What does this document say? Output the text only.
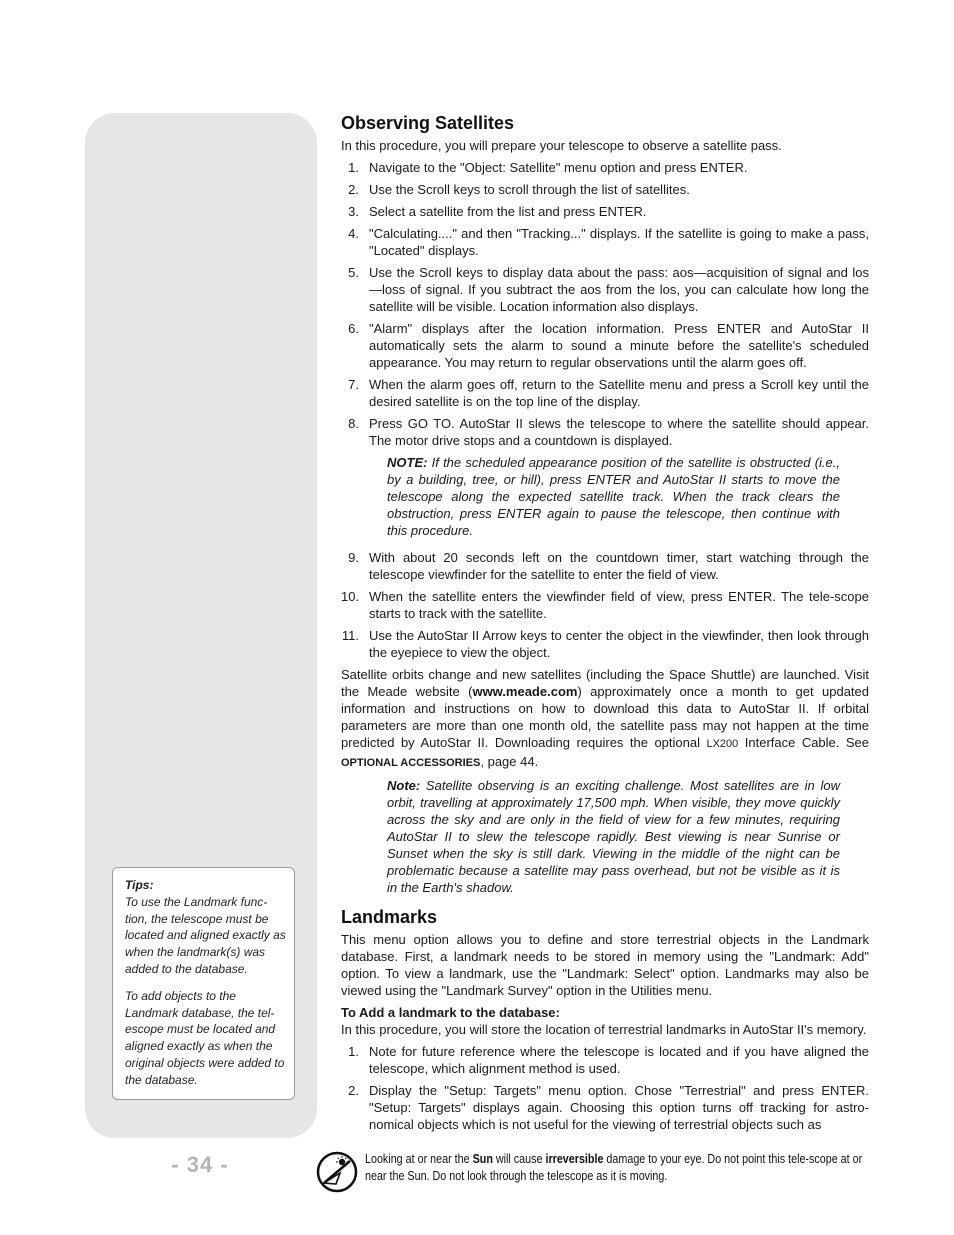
Tips:

To use the Landmark func-tion, the telescope must be located and aligned exactly as when the landmark(s) was added to the database.

To add objects to the Landmark database, the tel-escope must be located and aligned exactly as when the original objects were added to the database.

- 34 -
Observing Satellites
In this procedure, you will prepare your telescope to observe a satellite pass.
1. Navigate to the "Object: Satellite" menu option and press ENTER.
2. Use the Scroll keys to scroll through the list of satellites.
3. Select a satellite from the list and press ENTER.
4. "Calculating...." and then "Tracking..." displays. If the satellite is going to make a pass, "Located" displays.
5. Use the Scroll keys to display data about the pass: aos—acquisition of signal and los—loss of signal. If you subtract the aos from the los, you can calculate how long the satellite will be visible. Location information also displays.
6. "Alarm" displays after the location information. Press ENTER and AutoStar II automatically sets the alarm to sound a minute before the satellite's scheduled appearance. You may return to regular observations until the alarm goes off.
7. When the alarm goes off, return to the Satellite menu and press a Scroll key until the desired satellite is on the top line of the display.
8. Press GO TO. AutoStar II slews the telescope to where the satellite should appear. The motor drive stops and a countdown is displayed.
NOTE: If the scheduled appearance position of the satellite is obstructed (i.e., by a building, tree, or hill), press ENTER and AutoStar II starts to move the telescope along the expected satellite track. When the track clears the obstruction, press ENTER again to pause the telescope, then continue with this procedure.
9. With about 20 seconds left on the countdown timer, start watching through the telescope viewfinder for the satellite to enter the field of view.
10. When the satellite enters the viewfinder field of view, press ENTER. The tele-scope starts to track with the satellite.
11. Use the AutoStar II Arrow keys to center the object in the viewfinder, then look through the eyepiece to view the object.
Satellite orbits change and new satellites (including the Space Shuttle) are launched. Visit the Meade website (www.meade.com) approximately once a month to get updated information and instructions on how to download this data to AutoStar II. If orbital parameters are more than one month old, the satellite pass may not happen at the time predicted by AutoStar II. Downloading requires the optional LX200 Interface Cable. See OPTIONAL ACCESSORIES, page 44.
Note: Satellite observing is an exciting challenge. Most satellites are in low orbit, travelling at approximately 17,500 mph. When visible, they move quickly across the sky and are only in the field of view for a few minutes, requiring AutoStar II to slew the telescope rapidly. Best viewing is near Sunrise or Sunset when the sky is still dark. Viewing in the middle of the night can be problematic because a satellite may pass overhead, but not be visible as it is in the Earth's shadow.
Landmarks
This menu option allows you to define and store terrestrial objects in the Landmark database. First, a landmark needs to be stored in memory using the "Landmark: Add" option. To view a landmark, use the "Landmark: Select" option. Landmarks may also be viewed using the "Landmark Survey" option in the Utilities menu.
To Add a landmark to the database:
In this procedure, you will store the location of terrestrial landmarks in AutoStar II's memory.
1. Note for future reference where the telescope is located and if you have aligned the telescope, which alignment method is used.
2. Display the "Setup: Targets" menu option. Chose "Terrestrial" and press ENTER. "Setup: Targets" displays again. Choosing this option turns off tracking for astro-nomical objects which is not useful for the viewing of terrestrial objects such as
Looking at or near the Sun will cause irreversible damage to your eye. Do not point this tele-scope at or near the Sun. Do not look through the telescope as it is moving.
